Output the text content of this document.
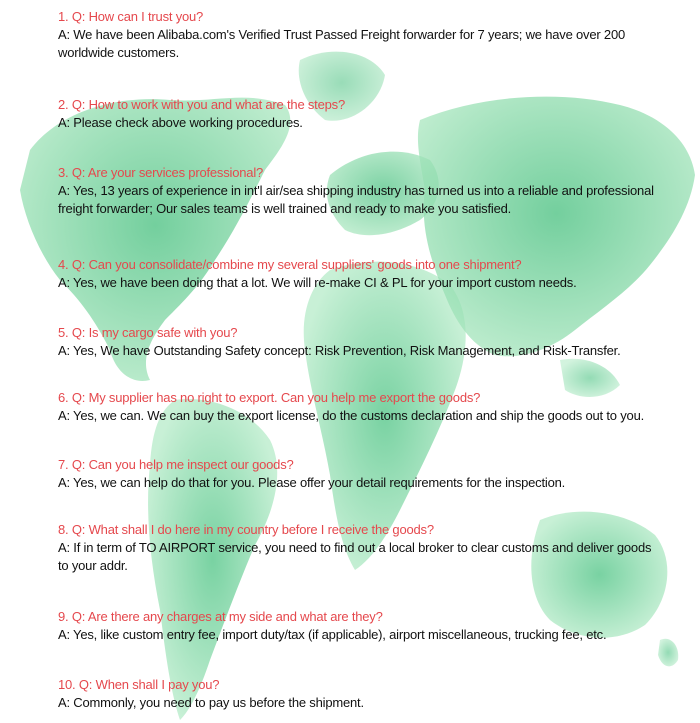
1. Q: How can I trust you?
A: We have been Alibaba.com's Verified Trust Passed Freight forwarder for 7 years; we have over 200 worldwide customers.
2. Q: How to work with you and what are the steps?
A: Please check above working procedures.
3. Q: Are your services professional?
A: Yes, 13 years of experience in int'l air/sea shipping industry has turned us into a reliable and professional freight forwarder; Our sales teams is well trained and ready to make you satisfied.
4. Q: Can you consolidate/combine my several suppliers' goods into one shipment?
A: Yes, we have been doing that a lot. We will re-make CI & PL for your import custom needs.
5. Q: Is my cargo safe with you?
A: Yes, We have Outstanding Safety concept: Risk Prevention, Risk Management, and Risk-Transfer.
6. Q: My supplier has no right to export. Can you help me export the goods?
A: Yes, we can. We can buy the export license, do the customs declaration and ship the goods out to you.
7. Q: Can you help me inspect our goods?
A: Yes, we can help do that for you. Please offer your detail requirements for the inspection.
8. Q: What shall I do here in my country before I receive the goods?
A: If in term of TO AIRPORT service, you need to find out a local broker to clear customs and deliver goods to your addr.
9. Q: Are there any charges at my side and what are they?
A: Yes, like custom entry fee, import duty/tax (if applicable), airport miscellaneous, trucking fee, etc.
10. Q: When shall I pay you?
A: Commonly, you need to pay us before the shipment.
